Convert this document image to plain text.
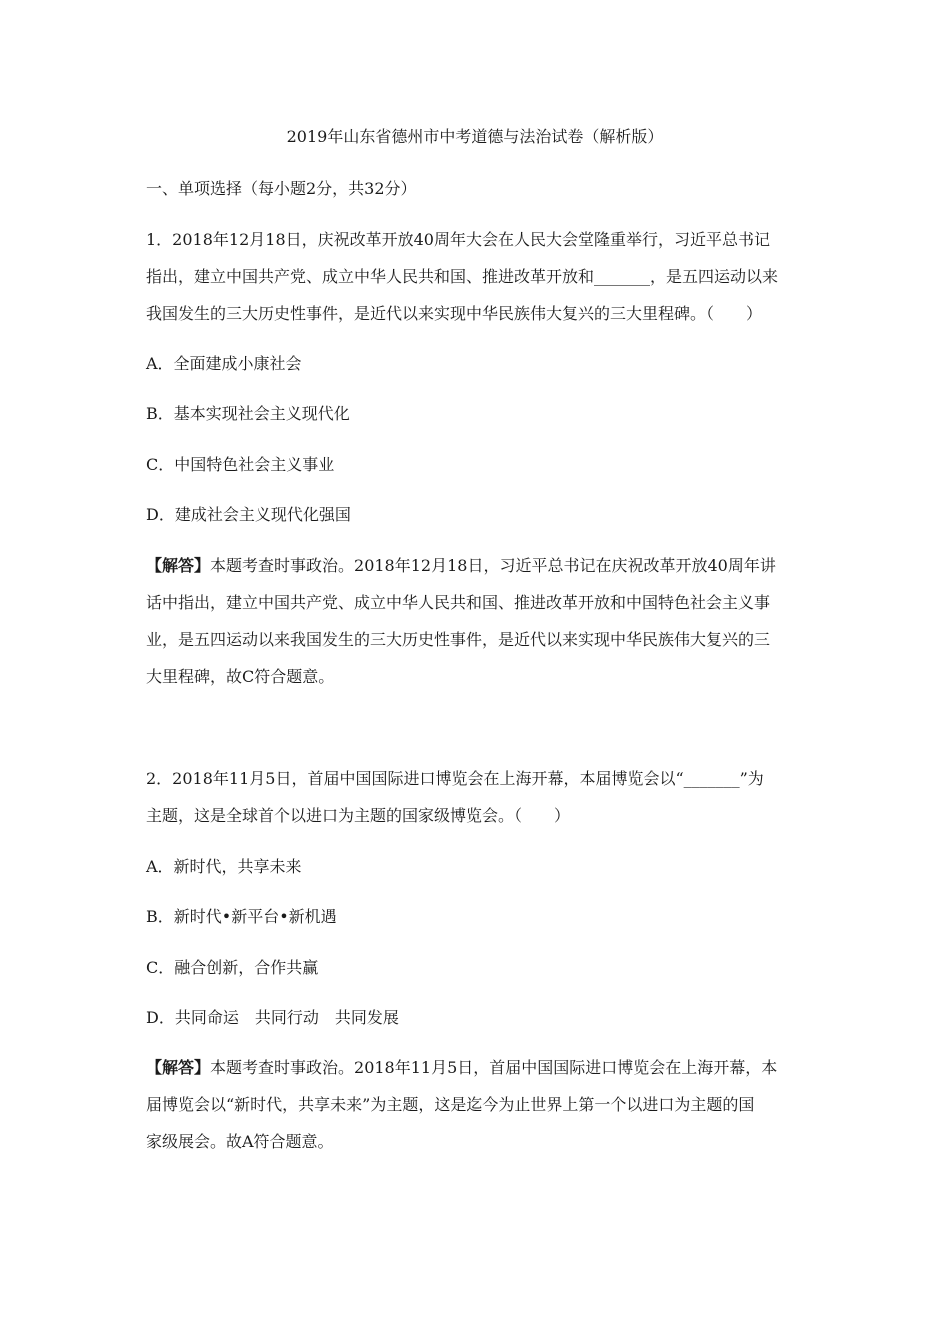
2019年山东省德州市中考道德与法治试卷（解析版）
一、单项选择（每小题2分，共32分）
1．2018年12月18日，庆祝改革开放40周年大会在人民大会堂隆重举行，习近平总书记
指出，建立中国共产党、成立中华人民共和国、推进改革开放和_______，是五四运动以来
我国发生的三大历史性事件，是近代以来实现中华民族伟大复兴的三大里程碑。（　　）
A．全面建成小康社会
B．基本实现社会主义现代化
C．中国特色社会主义事业
D．建成社会主义现代化强国
【解答】本题考查时事政治。2018年12月18日，习近平总书记在庆祝改革开放40周年讲
话中指出，建立中国共产党、成立中华人民共和国、推进改革开放和中国特色社会主义事
业，是五四运动以来我国发生的三大历史性事件，是近代以来实现中华民族伟大复兴的三
大里程碑，故C符合题意。
2．2018年11月5日，首届中国国际进口博览会在上海开幕，本届博览会以“_______”为
主题，这是全球首个以进口为主题的国家级博览会。（　　）
A．新时代，共享未来
B．新时代•新平台•新机遇
C．融合创新，合作共赢
D．共同命运　共同行动　共同发展
【解答】本题考查时事政治。2018年11月5日，首届中国国际进口博览会在上海开幕，本
届博览会以“新时代，共享未来”为主题，这是迄今为止世界上第一个以进口为主题的国
家级展会。故A符合题意。
